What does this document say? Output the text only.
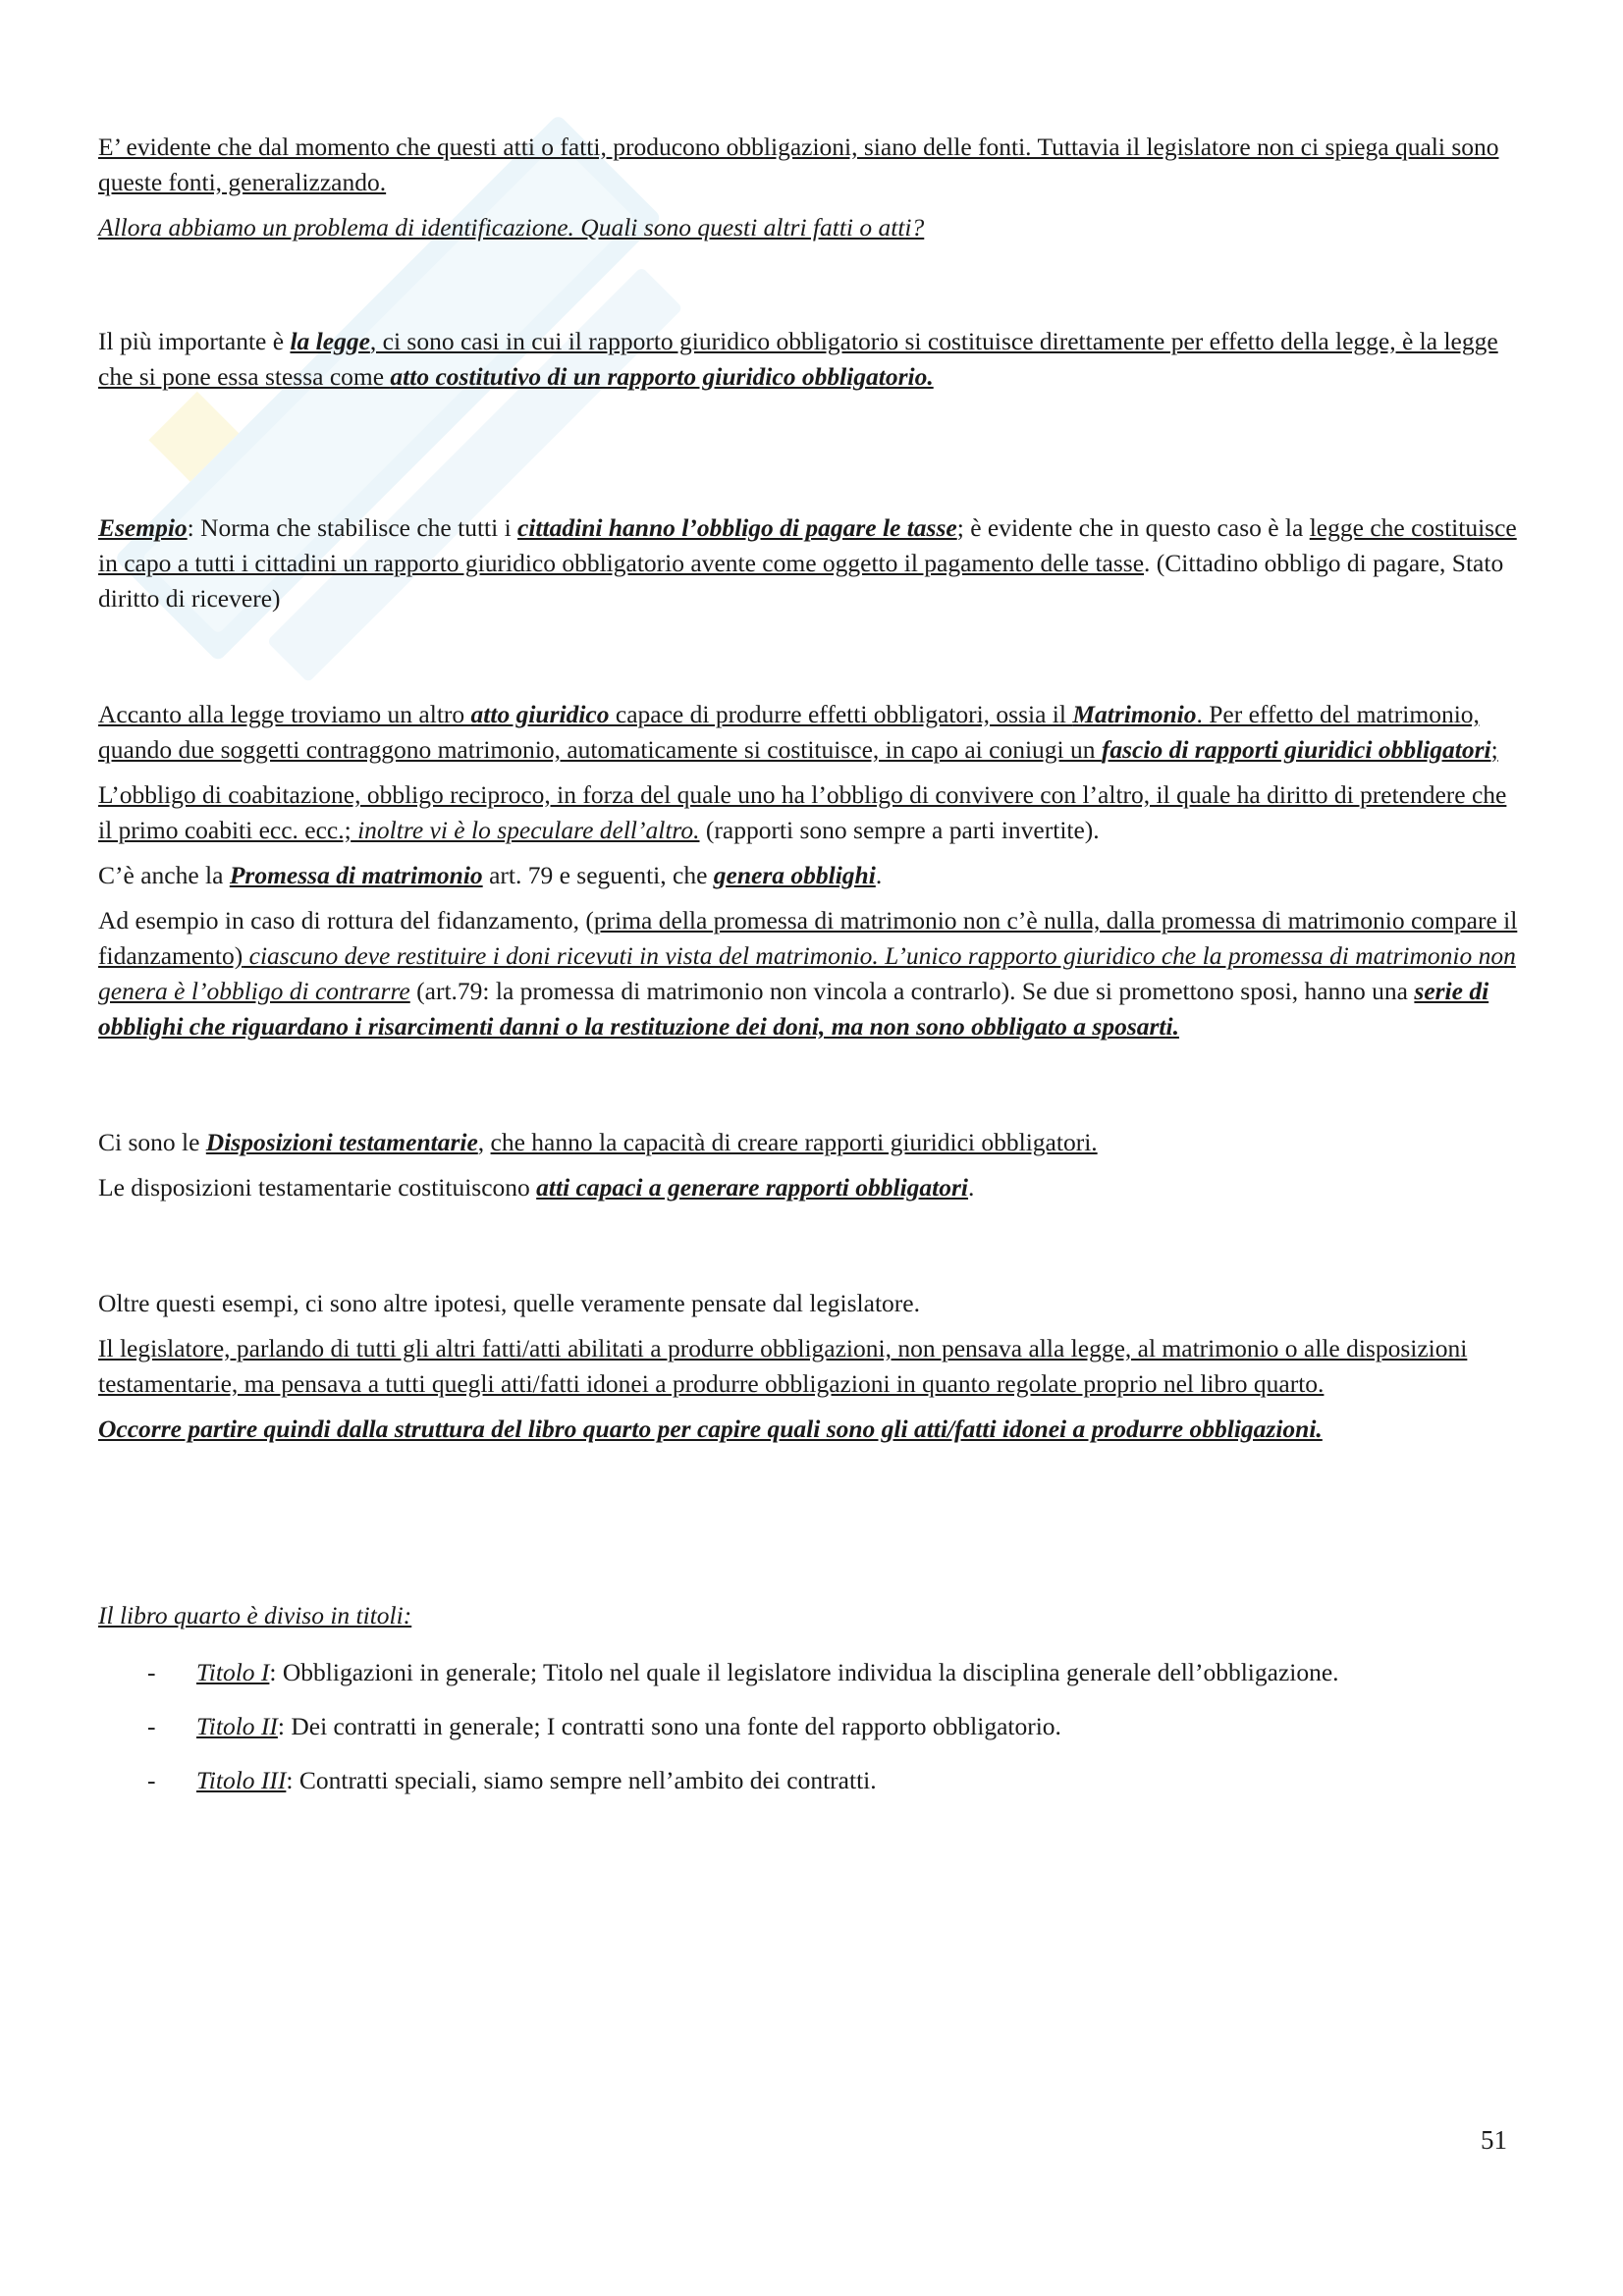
E’ evidente che dal momento che questi atti o fatti, producono obbligazioni, siano delle fonti. Tuttavia il legislatore non ci spiega quali sono queste fonti, generalizzando.

Allora abbiamo un problema di identificazione. Quali sono questi altri fatti o atti?

Il più importante è la legge, ci sono casi in cui il rapporto giuridico obbligatorio si costituisce direttamente per effetto della legge, è la legge che si pone essa stessa come atto costitutivo di un rapporto giuridico obbligatorio.

Esempio: Norma che stabilisce che tutti i cittadini hanno l’obbligo di pagare le tasse; è evidente che in questo caso è la legge che costituisce in capo a tutti i cittadini un rapporto giuridico obbligatorio avente come oggetto il pagamento delle tasse. (Cittadino obbligo di pagare, Stato diritto di ricevere)

Accanto alla legge troviamo un altro atto giuridico capace di produrre effetti obbligatori, ossia il Matrimonio. Per effetto del matrimonio, quando due soggetti contraggono matrimonio, automaticamente si costituisce, in capo ai coniugi un fascio di rapporti giuridici obbligatori;

L’obbligo di coabitazione, obbligo reciproco, in forza del quale uno ha l’obbligo di convivere con l’altro, il quale ha diritto di pretendere che il primo coabiti ecc. ecc.; inoltre vi è lo speculare dell’altro. (rapporti sono sempre a parti invertite).

C’è anche la Promessa di matrimonio art. 79 e seguenti, che genera obblighi.

Ad esempio in caso di rottura del fidanzamento, (prima della promessa di matrimonio non c’è nulla, dalla promessa di matrimonio compare il fidanzamento) ciascuno deve restituire i doni ricevuti in vista del matrimonio. L’unico rapporto giuridico che la promessa di matrimonio non genera è l’obbligo di contrarre (art.79: la promessa di matrimonio non vincola a contrarlo). Se due si promettono sposi, hanno una serie di obblighi che riguardano i risarcimenti danni o la restituzione dei doni, ma non sono obbligato a sposarti.

Ci sono le Disposizioni testamentarie, che hanno la capacità di creare rapporti giuridici obbligatori.

Le disposizioni testamentarie costituiscono atti capaci a generare rapporti obbligatori.

Oltre questi esempi, ci sono altre ipotesi, quelle veramente pensate dal legislatore.

Il legislatore, parlando di tutti gli altri fatti/atti abilitati a produrre obbligazioni, non pensava alla legge, al matrimonio o alle disposizioni testamentarie, ma pensava a tutti quegli atti/fatti idonei a produrre obbligazioni in quanto regolate proprio nel libro quarto.

Occorre partire quindi dalla struttura del libro quarto per capire quali sono gli atti/fatti idonei a produrre obbligazioni.

Il libro quarto è diviso in titoli:

- Titolo I: Obbligazioni in generale; Titolo nel quale il legislatore individua la disciplina generale dell’obbligazione.
- Titolo II: Dei contratti in generale; I contratti sono una fonte del rapporto obbligatorio.
- Titolo III: Contratti speciali, siamo sempre nell’ambito dei contratti.
51
